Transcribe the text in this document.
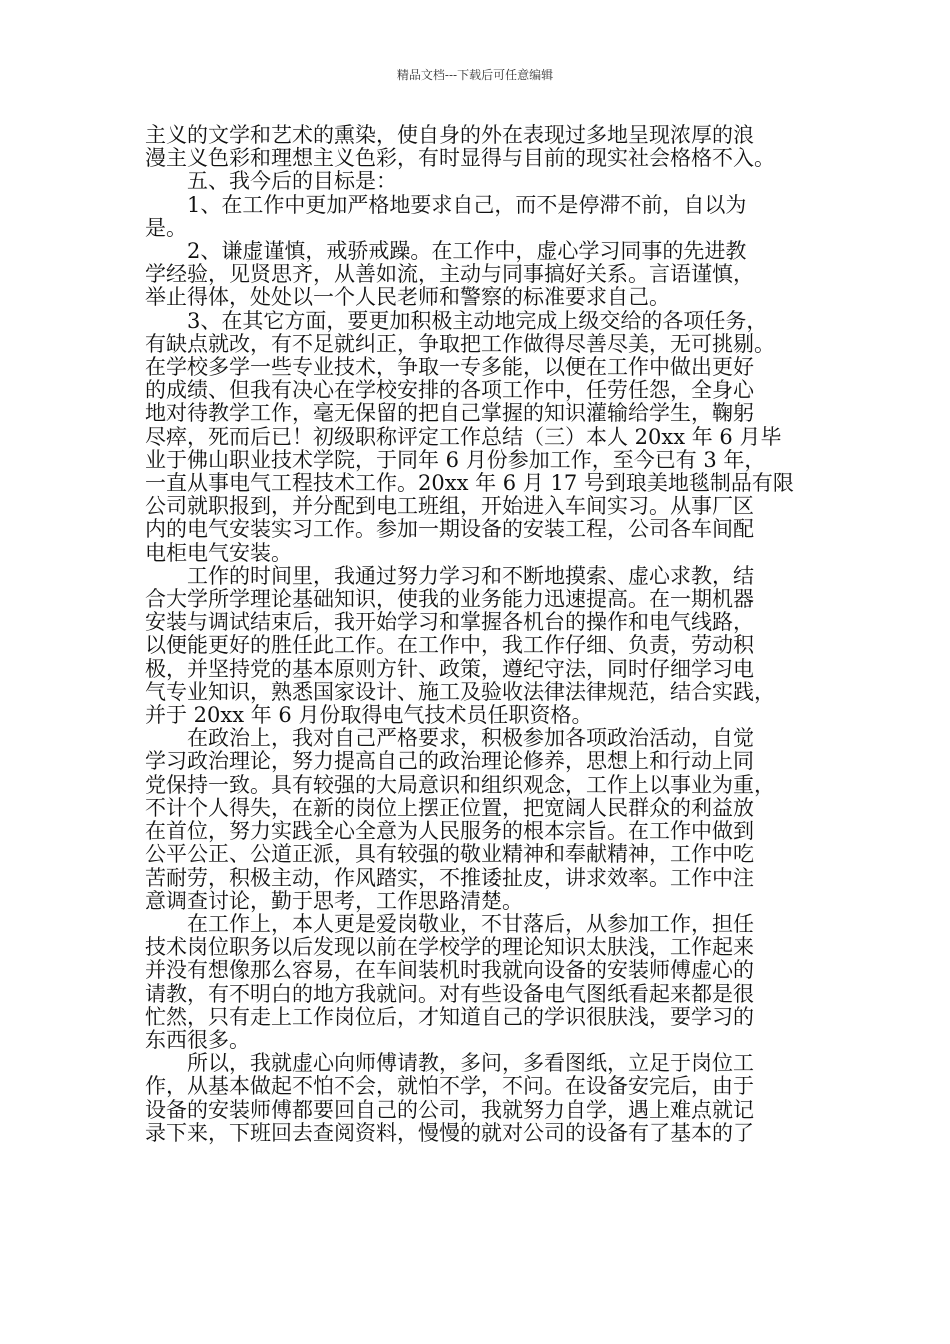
精品文档---下载后可任意编辑

主义的文学和艺术的熏染，使自身的外在表现过多地呈现浓厚的浪

漫主义色彩和理想主义色彩，有时显得与目前的现实社会格格不入。

五、我今后的目标是：

1、在工作中更加严格地要求自己，而不是停滞不前，自以为

是。

2、谦虚谨慎，戒骄戒躁。在工作中，虚心学习同事的先进教

学经验，见贤思齐，从善如流，主动与同事搞好关系。言语谨慎，

举止得体，处处以一个人民老师和警察的标准要求自己。

3、在其它方面，要更加积极主动地完成上级交给的各项任务，

有缺点就改，有不足就纠正，争取把工作做得尽善尽美，无可挑剔。

在学校多学一些专业技术，争取一专多能，以便在工作中做出更好

的成绩、但我有决心在学校安排的各项工作中，任劳任怨，全身心

地对待教学工作，毫无保留的把自己掌握的知识灌输给学生，鞠躬

尽瘁，死而后已！初级职称评定工作总结（三）本人 20xx 年 6 月毕

业于佛山职业技术学院，于同年 6 月份参加工作，至今已有 3 年，

一直从事电气工程技术工作。20xx 年 6 月 17 号到琅美地毯制品有限

公司就职报到，并分配到电工班组，开始进入车间实习。从事厂区

内的电气安装实习工作。参加一期设备的安装工程，公司各车间配

电柜电气安装。

工作的时间里，我通过努力学习和不断地摸索、虚心求教，结

合大学所学理论基础知识，使我的业务能力迅速提高。在一期机器

安装与调试结束后，我开始学习和掌握各机台的操作和电气线路，

以便能更好的胜任此工作。在工作中，我工作仔细、负责，劳动积

极，并坚持党的基本原则方针、政策，遵纪守法，同时仔细学习电

气专业知识，熟悉国家设计、施工及验收法律法律规范，结合实践，

并于 20xx 年 6 月份取得电气技术员任职资格。

在政治上，我对自己严格要求，积极参加各项政治活动，自觉

学习政治理论，努力提高自己的政治理论修养，思想上和行动上同

党保持一致。具有较强的大局意识和组织观念，工作上以事业为重，

不计个人得失，在新的岗位上摆正位置，把宽阔人民群众的利益放

在首位，努力实践全心全意为人民服务的根本宗旨。在工作中做到

公平公正、公道正派，具有较强的敬业精神和奉献精神，工作中吃

苦耐劳，积极主动，作风踏实，不推诿扯皮，讲求效率。工作中注

意调查讨论，勤于思考，工作思路清楚。

在工作上，本人更是爱岗敬业，不甘落后，从参加工作，担任

技术岗位职务以后发现以前在学校学的理论知识太肤浅，工作起来

并没有想像那么容易，在车间装机时我就向设备的安装师傅虚心的

请教，有不明白的地方我就问。对有些设备电气图纸看起来都是很

忙然，只有走上工作岗位后，才知道自己的学识很肤浅，要学习的

东西很多。

所以，我就虚心向师傅请教，多问，多看图纸，立足于岗位工

作，从基本做起不怕不会，就怕不学，不问。在设备安完后，由于

设备的安装师傅都要回自己的公司，我就努力自学，遇上难点就记

录下来，下班回去查阅资料，慢慢的就对公司的设备有了基本的了
